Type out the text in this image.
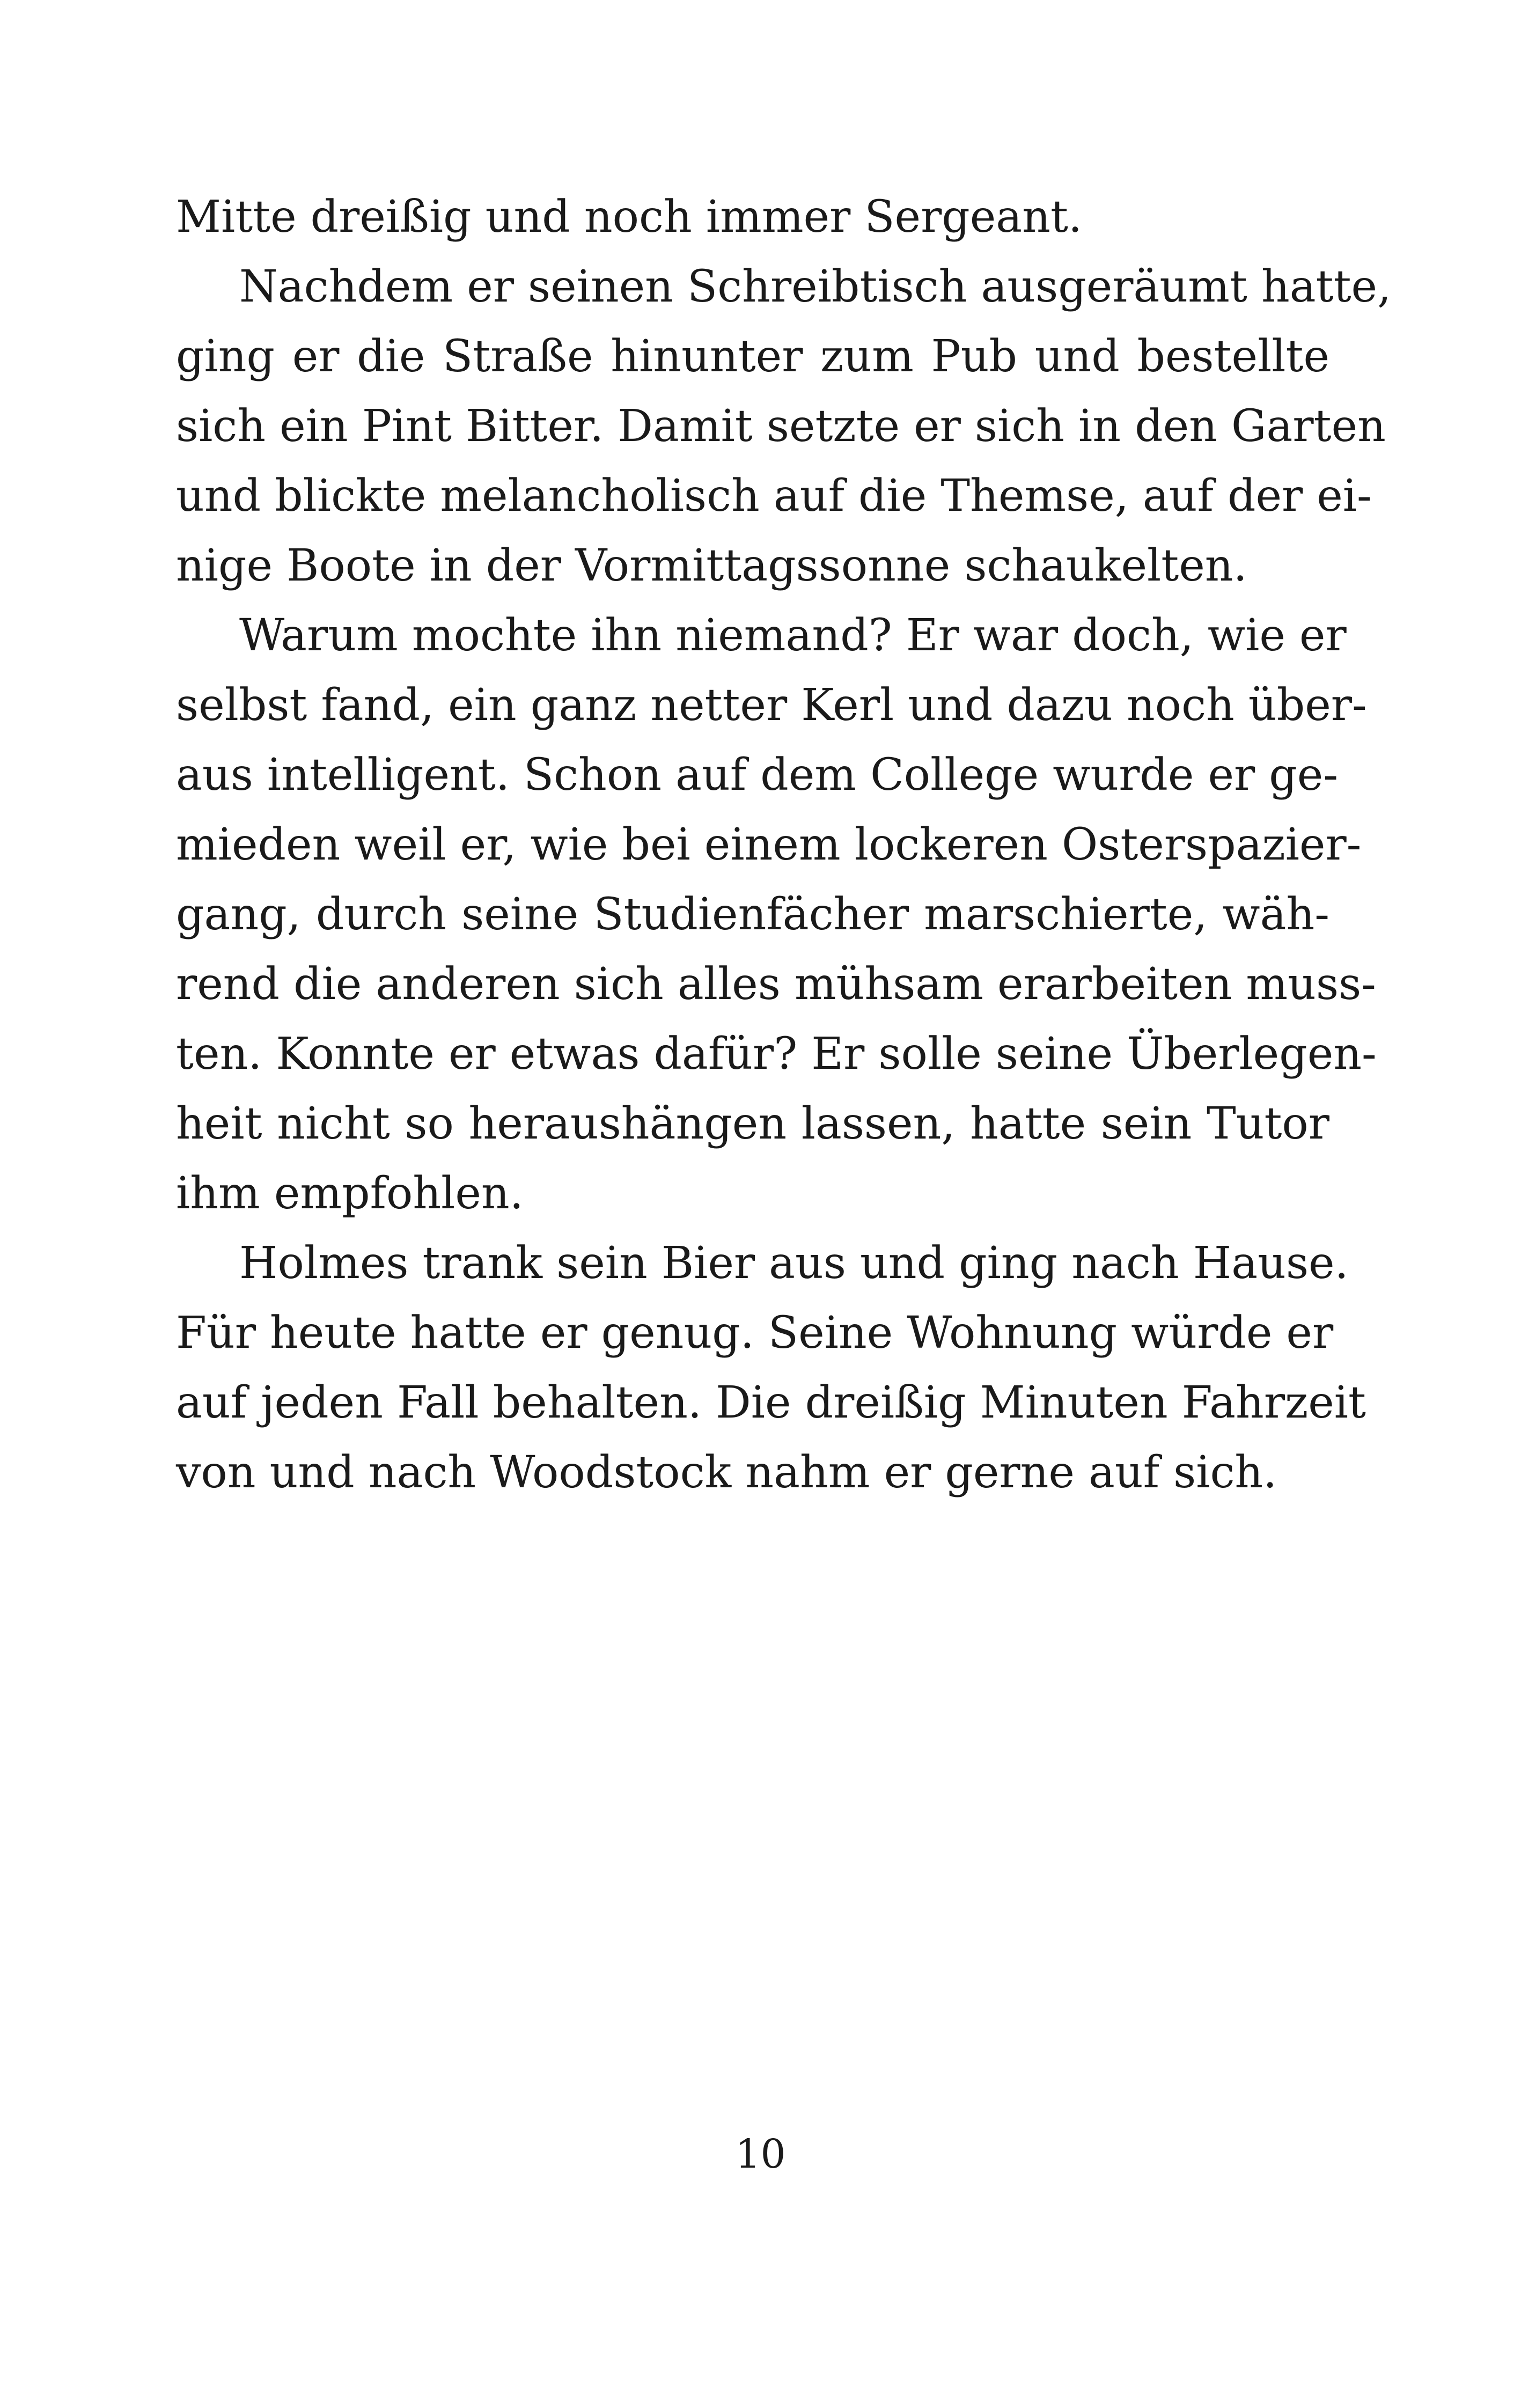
Mitte dreißig und noch immer Sergeant.
Nachdem er seinen Schreibtisch ausgeräumt hatte,
ging er die Straße hinunter zum Pub und bestellte
sich ein Pint Bitter. Damit setzte er sich in den Garten
und blickte melancholisch auf die Themse, auf der ei-
nige Boote in der Vormittagssonne schaukelten.
Warum mochte ihn niemand? Er war doch, wie er
selbst fand, ein ganz netter Kerl und dazu noch über-
aus intelligent. Schon auf dem College wurde er ge-
mieden weil er, wie bei einem lockeren Osterspazier-
gang, durch seine Studienfächer marschierte, wäh-
rend die anderen sich alles mühsam erarbeiten muss-
ten. Konnte er etwas dafür? Er solle seine Überlegen-
heit nicht so heraushängen lassen, hatte sein Tutor
ihm empfohlen.
Holmes trank sein Bier aus und ging nach Hause.
Für heute hatte er genug. Seine Wohnung würde er
auf jeden Fall behalten. Die dreißig Minuten Fahrzeit
von und nach Woodstock nahm er gerne auf sich.
10
